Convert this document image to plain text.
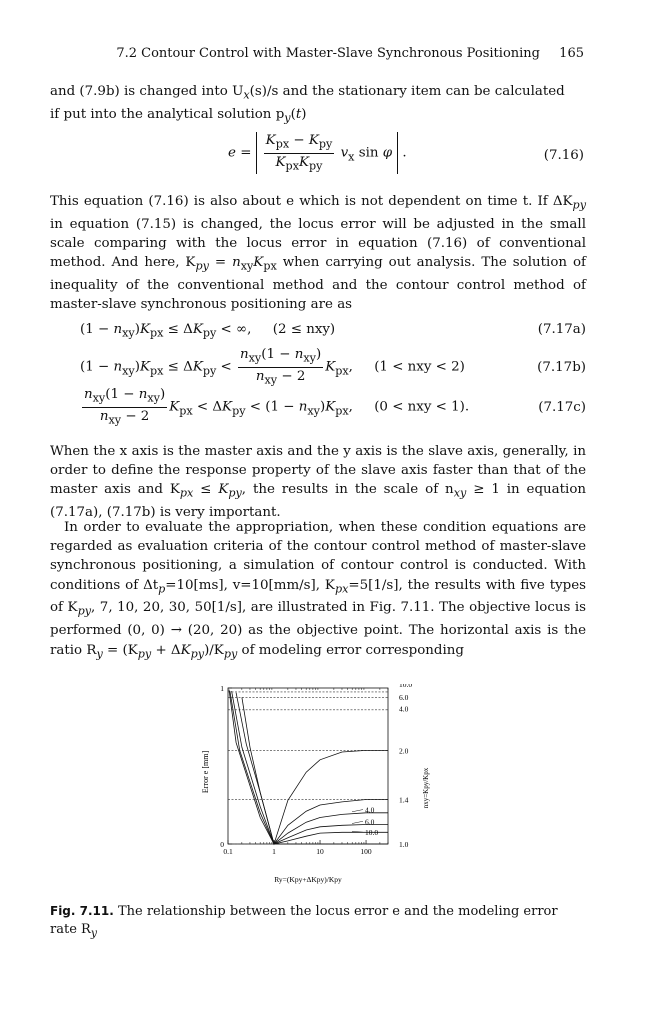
7.2 Contour Control with Master-Slave Synchronous Positioning 165

and (7.9b) is changed into $U_x(s)/s$ and the stationary item can be calculated
if put into the analytical solution $p_y(t)$

$e = \frac{K_{px} - K_{py}}{K_{px}K_{py}} v_x$ sin φ .	(7.16)

This equation (7.16) is also about e which is not dependent on time t. If $\Delta K_{py}$ in equation (7.15) is changed, the locus error will be adjusted in the small scale comparing with the locus error in equation (7.16) of conventional method. And here, $K_{py} = n_{xy}K_{px}$ when carrying out analysis. The solution of inequality of the conventional method and the contour control method of master-slave synchronous positioning are as

$(1 - n_{xy})K_{px} \le \Delta K_{py}$ < ∞,     (2 ≤ nxy)	(7.17a)
$(1 - n_{xy})K_{px} \le \Delta K_{py} < \frac{n_{xy}(1 - n_{xy})}{n_{xy} - 2} K_{px}$,     (1 < nxy < 2)	(7.17b)
$\frac{n_{xy}(1 - n_{xy})}{n_{xy} - 2} K_{px} < \Delta K_{py} < (1 - n_{xy})K_{px}$,     (0 < nxy < 1).	(7.17c)

When the x axis is the master axis and the y axis is the slave axis, generally, in order to define the response property of the slave axis faster than that of the master axis and $K_{px} \le K_{py}$, the results in the scale of $n_{xy} \ge 1$ in equation (7.17a), (7.17b) is very important.

In order to evaluate the appropriation, when these condition equations are regarded as evaluation criteria of the contour control method of master-slave synchronous positioning, a simulation of contour control is conducted. With conditions of $\Delta t_p=10[ms]$, v=10[mm/s], $K_{px}=5[1/s]$, the results with five types of $K_{py}$, 7, 10, 20, 30, 50[1/s], are illustrated in Fig. 7.11. The objective locus is performed (0, 0) → (20, 20) as the objective point. The horizontal axis is the ratio $R_y = (K_{py} + \Delta K_{py})/K_{py}$ of modeling error corresponding

0.1	1	10	100
0
1	10.0
6.0
4.0
2.0
1.4
1.0
4.0
6.0
10.0
Error e [mm]
Ry=(Kpy+ΔKpy)/Kpy
nxy=Kpy/Kpx

Fig. 7.11. The relationship between the locus error e and the modeling error rate $R_y$
